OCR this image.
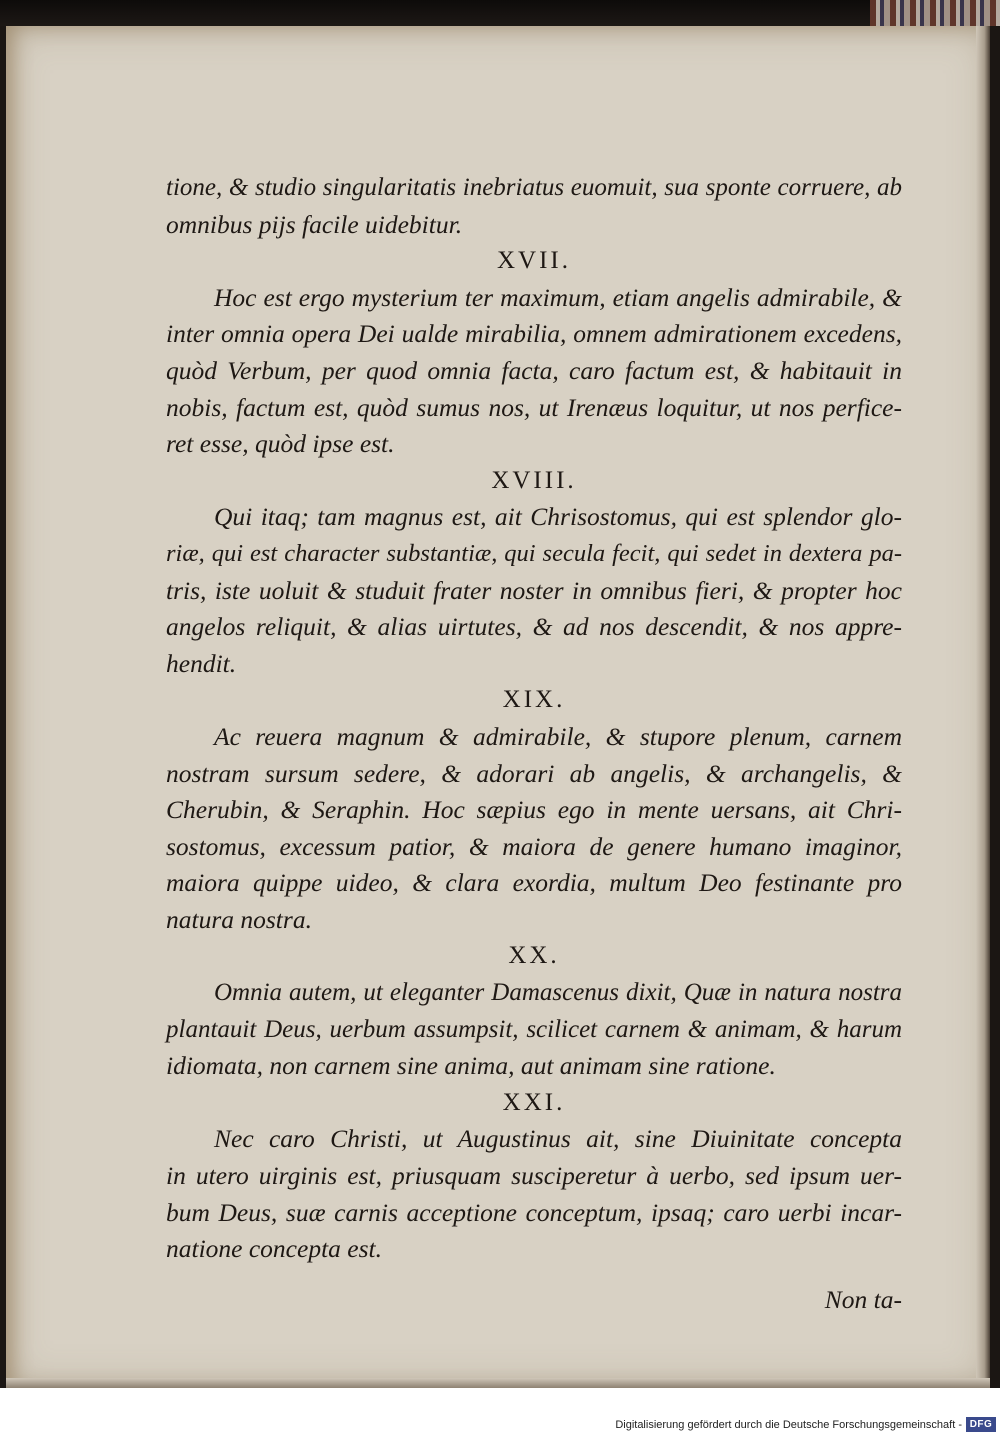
tione, & studio singularitatis inebriatus euomuit, sua sponte corruere, ab
omnibus pijs facile uidebitur.
XVII.
Hoc est ergo mysterium ter maximum, etiam angelis admirabile, &
inter omnia opera Dei ualde mirabilia, omnem admirationem excedens,
quòd Verbum, per quod omnia facta, caro factum est, & habitauit in
nobis, factum est, quòd sumus nos, ut Irenæus loquitur, ut nos perfice-
ret esse, quòd ipse est.
XVIII.
Qui itaq; tam magnus est, ait Chrisostomus, qui est splendor glo-
riæ, qui est character substantiæ, qui secula fecit, qui sedet in dextera pa-
tris, iste uoluit & studuit frater noster in omnibus fieri, & propter hoc
angelos reliquit, & alias uirtutes, & ad nos descendit, & nos appre-
hendit.
XIX.
Ac reuera magnum & admirabile, & stupore plenum, carnem
nostram sursum sedere, & adorari ab angelis, & archangelis, &
Cherubin, & Seraphin. Hoc sæpius ego in mente uersans, ait Chri-
sostomus, excessum patior, & maiora de genere humano imaginor,
maiora quippe uideo, & clara exordia, multum Deo festinante pro
natura nostra.
XX.
Omnia autem, ut eleganter Damascenus dixit, Quæ in natura nostra
plantauit Deus, uerbum assumpsit, scilicet carnem & animam, & harum
idiomata, non carnem sine anima, aut animam sine ratione.
XXI.
Nec caro Christi, ut Augustinus ait, sine Diuinitate concepta
in utero uirginis est, priusquam susciperetur à uerbo, sed ipsum uer-
bum Deus, suæ carnis acceptione conceptum, ipsaq; caro uerbi incar-
natione concepta est.
Non ta-
Digitalisierung gefördert durch die Deutsche Forschungsgemeinschaft - DFG
